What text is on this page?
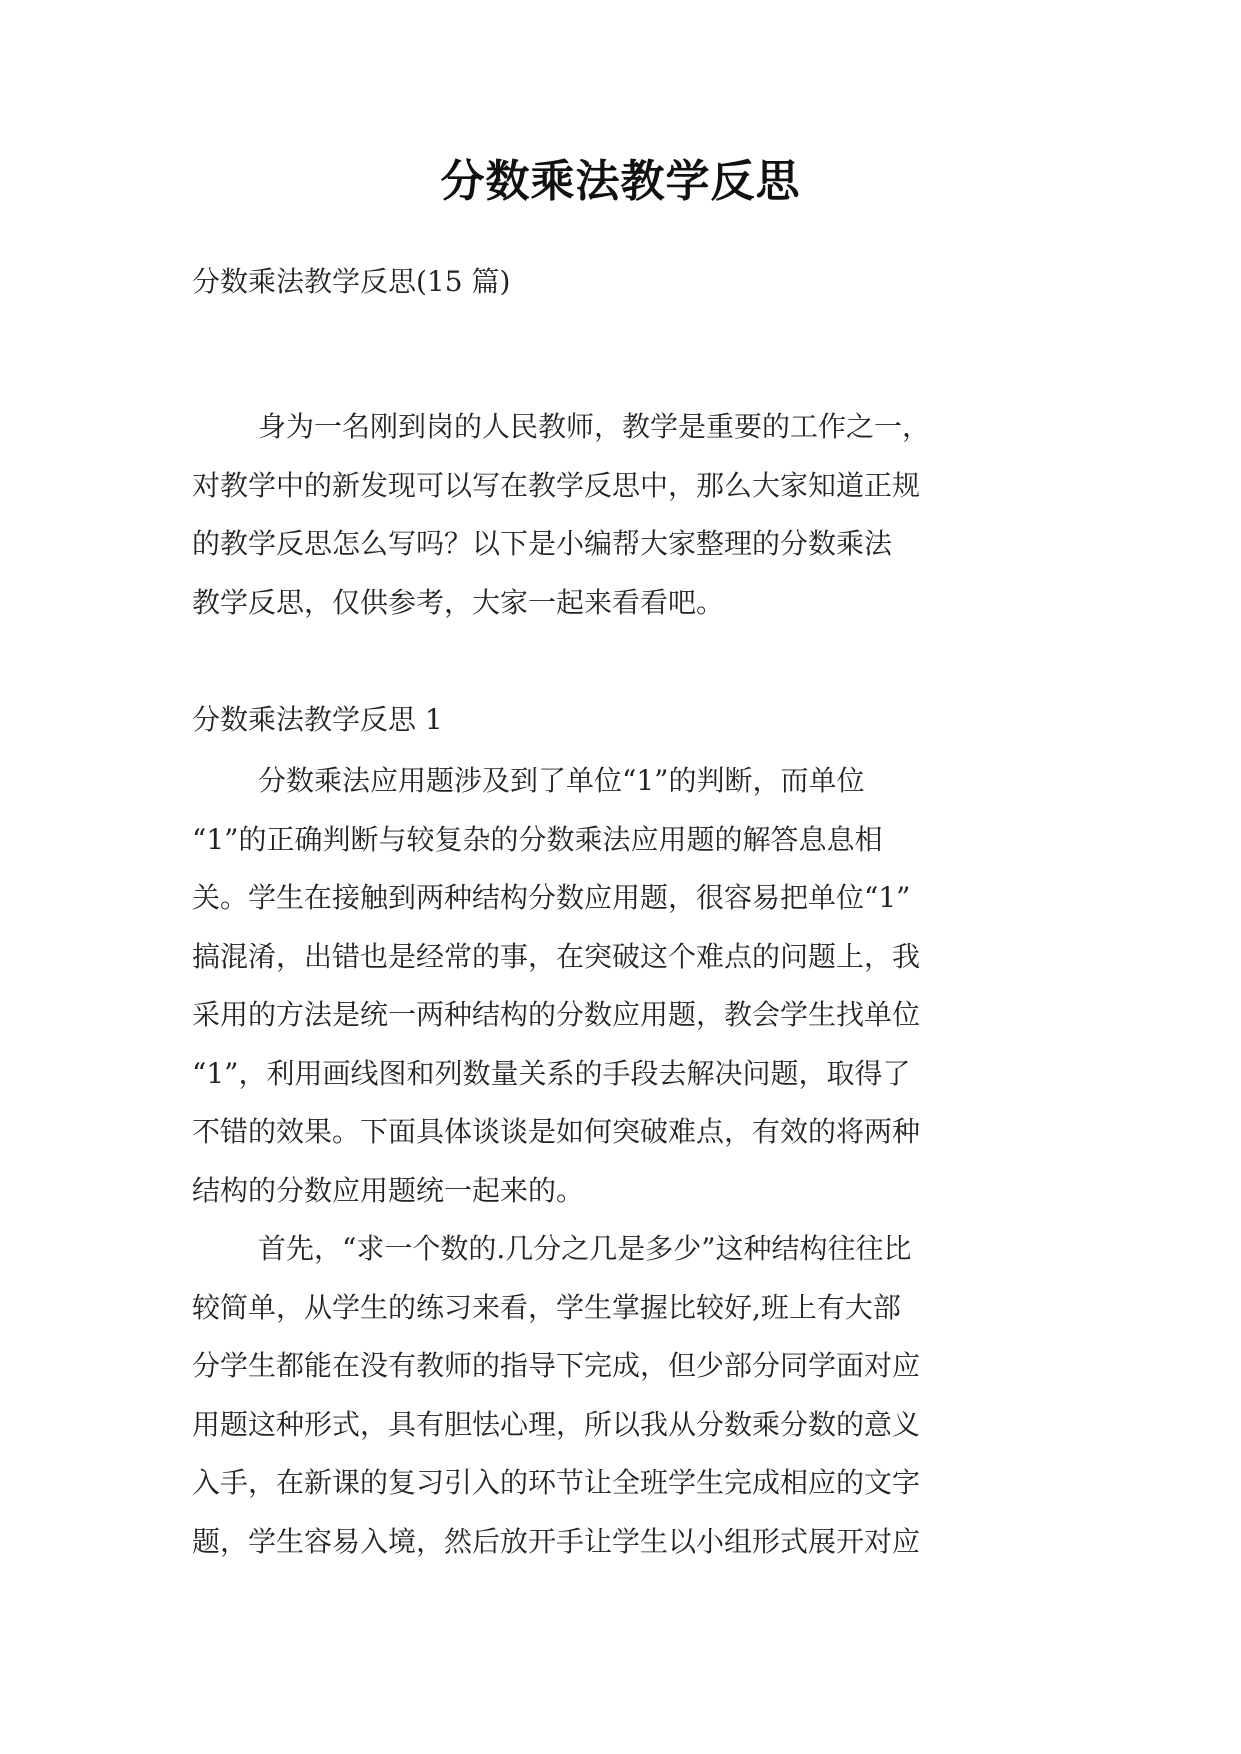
分数乘法教学反思
分数乘法教学反思(15 篇)
身为一名刚到岗的人民教师，教学是重要的工作之一，
对教学中的新发现可以写在教学反思中，那么大家知道正规
的教学反思怎么写吗？以下是小编帮大家整理的分数乘法
教学反思，仅供参考，大家一起来看看吧。
分数乘法教学反思 1
分数乘法应用题涉及到了单位“1”的判断，而单位
“1”的正确判断与较复杂的分数乘法应用题的解答息息相
关。学生在接触到两种结构分数应用题，很容易把单位“1”
搞混淆，出错也是经常的事，在突破这个难点的问题上，我
采用的方法是统一两种结构的分数应用题，教会学生找单位
“1”，利用画线图和列数量关系的手段去解决问题，取得了
不错的效果。下面具体谈谈是如何突破难点，有效的将两种
结构的分数应用题统一起来的。
首先，“求一个数的.几分之几是多少”这种结构往往比
较简单，从学生的练习来看，学生掌握比较好,班上有大部
分学生都能在没有教师的指导下完成，但少部分同学面对应
用题这种形式，具有胆怯心理，所以我从分数乘分数的意义
入手，在新课的复习引入的环节让全班学生完成相应的文字
题，学生容易入境，然后放开手让学生以小组形式展开对应
